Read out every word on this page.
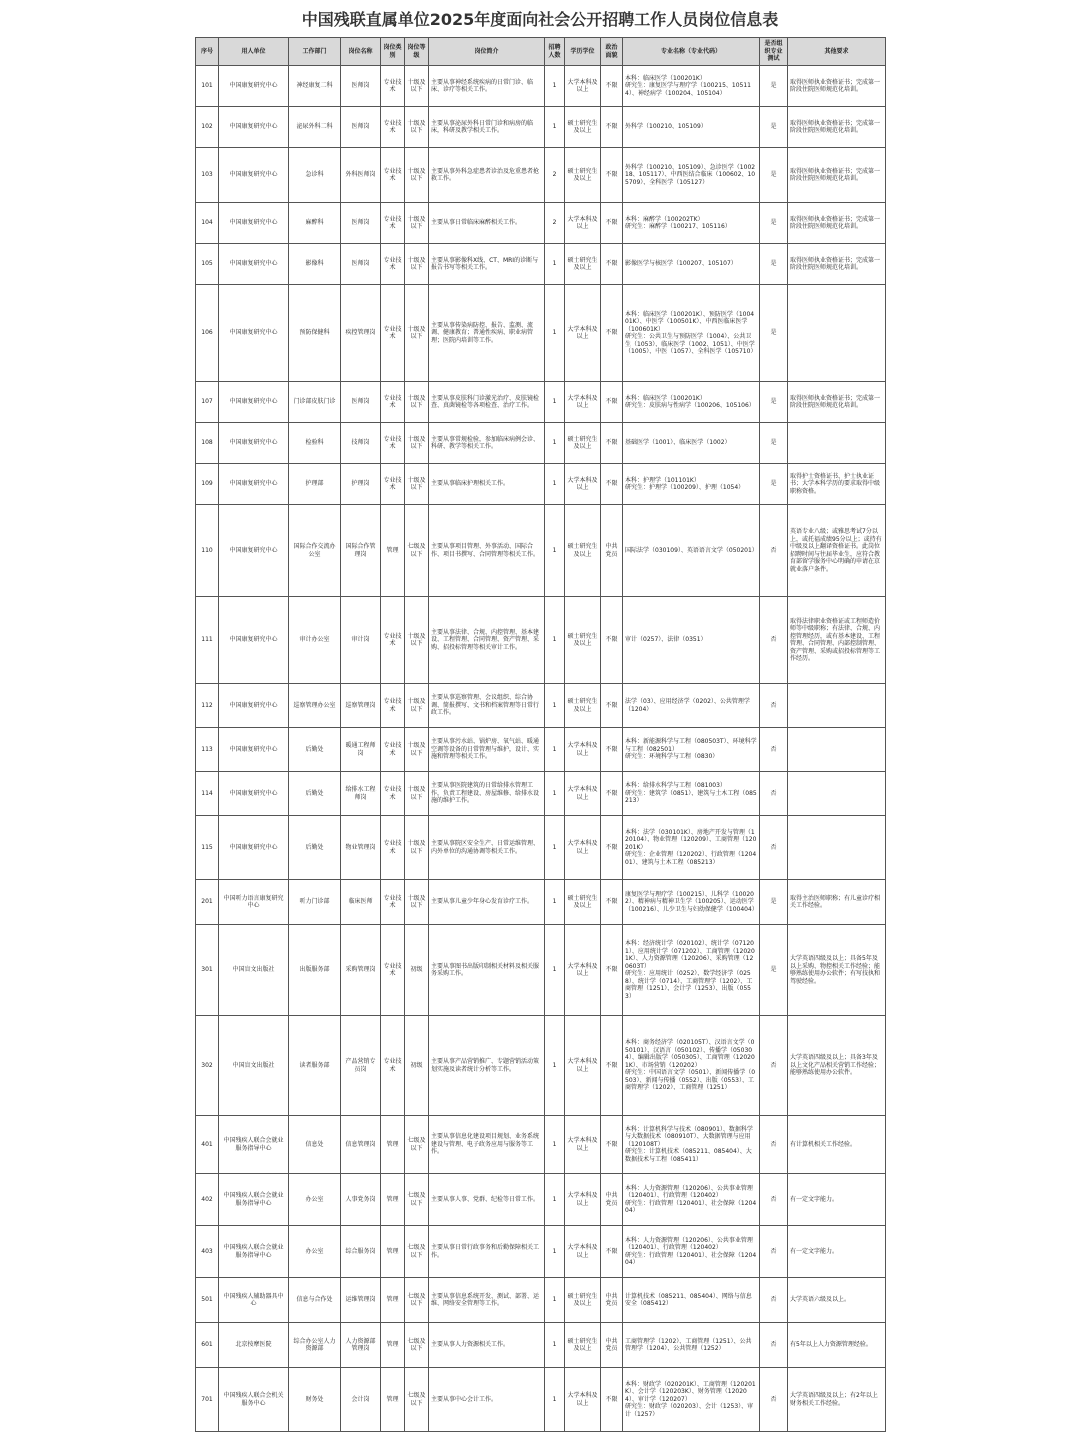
中国残联直属单位2025年度面向社会公开招聘工作人员岗位信息表
序号	用人单位	工作部门	岗位名称	岗位类别	岗位等级	岗位简介	招聘人数	学历学位	政治面貌	专业名称（专业代码）	是否组织专业测试	其他要求
101	中国康复研究中心	神经康复二科	医师岗	专业技术	十级及以下	主要从事神经系统疾病的日常门诊、临床、诊疗等相关工作。	1	大学本科及以上	不限	本科：临床医学（100201K）
研究生：康复医学与理疗学（100215、105114）、神经病学（100204、105104）	是	取得医师执业资格证书；完成第一阶段住院医师规范化培训。
102	中国康复研究中心	泌尿外科二科	医师岗	专业技术	十级及以下	主要从事泌尿外科日常门诊和病房的临床，科研及教学相关工作。	1	硕士研究生及以上	不限	外科学（100210、105109）	是	取得医师执业资格证书；完成第一阶段住院医师规范化培训。
103	中国康复研究中心	急诊科	外科医师岗	专业技术	十级及以下	主要从事外科急症患者诊治及危重患者抢救工作。	2	硕士研究生及以上	不限	外科学（100210、105109）、急诊医学（100218、105117）、中西医结合临床（100602、105709）、全科医学（105127）	是	取得医师执业资格证书；完成第一阶段住院医师规范化培训。
104	中国康复研究中心	麻醉科	医师岗	专业技术	十级及以下	主要从事日常临床麻醉相关工作。	2	大学本科及以上	不限	本科：麻醉学（100202TK）
研究生：麻醉学（100217、105116）	是	取得医师执业资格证书；完成第一阶段住院医师规范化培训。
105	中国康复研究中心	影像科	医师岗	专业技术	十级及以下	主要从事影像科X线、CT、MRI的诊断与报告书写等相关工作。	1	硕士研究生及以上	不限	影像医学与核医学（100207、105107）	是	取得医师执业资格证书；完成第一阶段住院医师规范化培训。
106	中国康复研究中心	预防保健科	疾控管理岗	专业技术	十级及以下	主要从事传染病防控、报告、监测、流调、健康教育；普通性疾病、职业病管理；医院内培训等工作。	1	大学本科及以上	不限	本科：临床医学（100201K）、预防医学（100401K）、中医学（100501K）、中西医临床医学（100601K）
研究生：公共卫生与预防医学（1004）、公共卫生（1053）、临床医学（1002、1051）、中医学（1005）、中医（1057）、全科医学（105710）	是	
107	中国康复研究中心	门诊部皮肤门诊	医师岗	专业技术	十级及以下	主要从事皮肤科门诊激光治疗、皮肤镜检查、真菌镜检等各项检查、治疗工作。	1	大学本科及以上	不限	本科：临床医学（100201K）
研究生：皮肤病与性病学（100206、105106）	是	取得医师执业资格证书；完成第一阶段住院医师规范化培训。
108	中国康复研究中心	检验科	技师岗	专业技术	十级及以下	主要从事常规检验，参加临床病例会诊、科研、教学等相关工作。	1	硕士研究生及以上	不限	基础医学（1001）、临床医学（1002）	是	
109	中国康复研究中心	护理部	护理岗	专业技术	十级及以下	主要从事临床护理相关工作。	1	大学本科及以上	不限	本科：护理学（101101K）
研究生：护理学（100209）、护理（1054）	是	取得护士资格证书、护士执业证书；大学本科学历的要求取得中级职称资格。
110	中国康复研究中心	国际合作交流办公室	国际合作管理岗	管理	七级及以下	主要从事项目管理、外事活动、国际合作、项目书撰写、合同管理等相关工作。	1	硕士研究生及以上	中共党员	国际法学（030109）、英语语言文学（050201）	否	英语专业八级；或雅思考试7分以上，或托福成绩95分以上；或持有中级及以上翻译资格证书。此岗位招聘时间与往届毕业生，应符合教育部留学服务中心明确的申请在京就业落户条件。
111	中国康复研究中心	审计办公室	审计岗	专业技术	十级及以下	主要从事法律、合规、内控管理、基本建设、工程管理、合同管理、资产管理、采购、招投标管理等相关审计工作。	1	硕士研究生及以上	不限	审计（0257）、法律（0351）	否	取得法律职业资格证或工程师造价师等中级职称；有法律、合规、内控管理经历，或有基本建设、工程管理、合同管理、内部控制管理、资产管理、采购或招投标管理等工作经历。
112	中国康复研究中心	巡察管理办公室	巡察管理岗	专业技术	十级及以下	主要从事巡察管理、会议组织、综合协调、简报撰写、文书和档案管理等日常行政工作。	1	硕士研究生及以上	不限	法学（03）、应用经济学（0202）、公共管理学（1204）	否	
113	中国康复研究中心	后勤处	暖通工程师岗	专业技术	十级及以下	主要从事污水站、锅炉房、氧气站、暖通空调等设备的日常管理与维护，设计、实施和管理等相关工作。	1	大学本科及以上	不限	本科：新能源科学与工程（080503T）、环境科学与工程（082501）
研究生：环境科学与工程（0830）	否	
114	中国康复研究中心	后勤处	给排水工程师岗	专业技术	十级及以下	主要从事医院建筑的日常给排水管理工作，负责工程建设、房屋维修、给排水设施的维护工作。	1	大学本科及以上	不限	本科：给排水科学与工程（081003）
研究生：建筑学（0851）、建筑与土木工程（085213）	否	
115	中国康复研究中心	后勤处	物业管理岗	专业技术	十级及以下	主要从事院区安全生产、日常运维管理、内外单位的沟通协调等相关工作。	1	大学本科及以上	不限	本科：法学（030101K）、房地产开发与管理（120104）、物业管理（120209）、工商管理（120201K）
研究生：企业管理（120202）、行政管理（120401）、建筑与土木工程（085213）	否	
201	中国听力语言康复研究中心	听力门诊部	临床医师	专业技术	十级及以下	主要从事儿童少年身心发育诊疗工作。	1	硕士研究生及以上	不限	康复医学与理疗学（100215）、儿科学（100202）、精神病与精神卫生学（100205）、运动医学（100216）、儿少卫生与妇幼保健学（100404）	是	取得主治医师职称；有儿童诊疗相关工作经验。
301	中国盲文出版社	出版服务部	采购管理岗	专业技术	初级	主要从事图书出版印制相关材料及相关服务采购工作。	1	大学本科及以上	不限	本科：经济统计学（020102）、统计学（071201）、应用统计学（071202）、工商管理（120201K）、人力资源管理（120206）、采购管理（120603T）
研究生：应用统计（0252）、数学经济学（0258）、统计学（0714）、工商管理学（1202）、工商管理（1251）、会计学（1253）、出版（0553）	是	大学英语四级及以上；具备5年及以上采购、物控相关工作经验；能够熟练使用办公软件；有写技执和驾驶经验。
302	中国盲文出版社	读者服务部	产品营销专员岗	专业技术	初级	主要从事产品营销推广、专题营销活动策划实施及读者统计分析等工作。	1	大学本科及以上	不限	本科：商务经济学（020105T）、汉语言文学（050101）、汉语言（050102）、传播学（050304）、编辑出版学（050305）、工商管理（120201K）、市场营销（120202）
研究生：中国语言文学（0501）、新闻传播学（0503）、新闻与传播（0552）、出版（0553）、工商管理学（1202）、工商管理（1251）	否	大学英语四级及以上；具备3年及以上文化产品相关营销工作经验；能够熟练使用办公软件。
401	中国残疾人联合会就业服务指导中心	信息处	信息管理岗	管理	七级及以下	主要从事信息化建设项目规划、业务系统建设与管理、电子政务应用与服务等工作。	1	大学本科及以上	不限	本科：计算机科学与技术（080901）、数据科学与大数据技术（080910T）、大数据管理与应用（120108T）
研究生：计算机技术（085211、085404）、大数据技术与工程（085411）	否	有计算机相关工作经验。
402	中国残疾人联合会就业服务指导中心	办公室	人事党务岗	管理	七级及以下	主要从事人事、党群、纪检等日常工作。	1	大学本科及以上	中共党员	本科：人力资源管理（120206）、公共事业管理（120401）、行政管理（120402）
研究生：行政管理（120401）、社会保障（120404）	否	有一定文字能力。
403	中国残疾人联合会就业服务指导中心	办公室	综合服务岗	管理	七级及以下	主要从事日常行政事务和后勤保障相关工作。	1	大学本科及以上	不限	本科：人力资源管理（120206）、公共事业管理（120401）、行政管理（120402）
研究生：行政管理（120401）、社会保障（120404）	否	有一定文字能力。
501	中国残疾人辅助器具中心	信息与合作处	运维管理岗	管理	七级及以下	主要从事信息系统开发、测试、部署、运维、网络安全管理等工作。	1	硕士研究生及以上	中共党员	计算机技术（085211、085404）、网络与信息安全（085412）	否	大学英语六级及以上。
601	北京按摩医院	综合办公室人力资源部	人力资源部管理岗	管理	七级及以下	主要从事人力资源相关工作。	1	硕士研究生及以上	中共党员	工商管理学（1202）、工商管理（1251）、公共管理学（1204）、公共管理（1252）	否	有5年以上人力资源管理经验。
701	中国残疾人联合会机关服务中心	财务处	会计岗	管理	七级及以下	主要从事中心会计工作。	1	大学本科及以上	不限	本科：财政学（020201K）、工商管理（120201K）、会计学（120203K）、财务管理（120204）、审计学（120207）
研究生：财政学（020203）、会计（1253）、审计（1257）	否	大学英语四级及以上；有2年以上财务相关工作经验。
